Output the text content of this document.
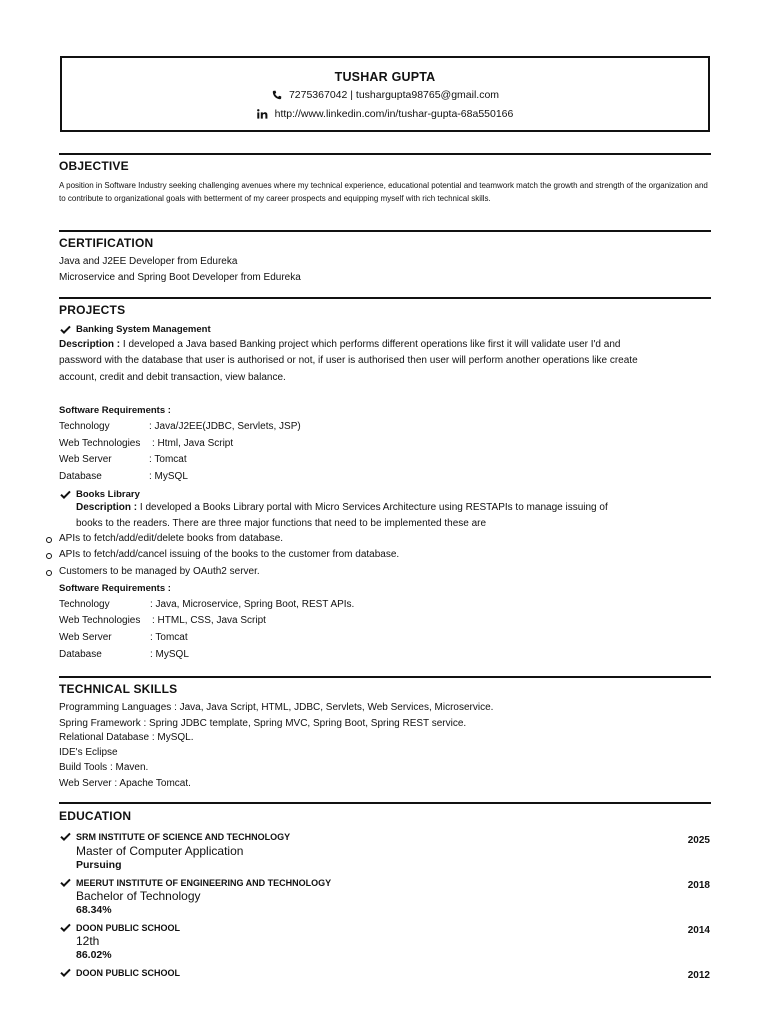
TUSHAR GUPTA
7275367042 | tushargupta98765@gmail.com
http://www.linkedin.com/in/tushar-gupta-68a550166
OBJECTIVE
A position in Software Industry seeking challenging avenues where my technical experience, educational potential and teamwork match the growth and strength of the organization and to contribute to organizational goals with betterment of my career prospects and equipping myself with rich technical skills.
CERTIFICATION
Java and J2EE Developer from Edureka
Microservice and Spring Boot Developer from Edureka
PROJECTS
Banking System Management
Description : I developed a Java based Banking project which performs different operations like first it will validate user I'd and
password with the database that user is authorised or not, if user is authorised then user will perform another operations like create
account, credit and debit transaction, view balance.
Software Requirements :
Technology	: Java/J2EE(JDBC, Servlets, JSP)
Web Technologies : Html, Java Script
Web Server	: Tomcat
Database	: MySQL
Books Library
Description : I developed a Books Library portal with Micro Services Architecture using RESTAPIs to manage issuing of
books to the readers. There are three major functions that need to be implemented these are
APIs to fetch/add/edit/delete books from database.
APIs to fetch/add/cancel issuing of the books to the customer from database.
Customers to be managed by OAuth2 server.
Software Requirements :
Technology	: Java, Microservice, Spring Boot, REST APIs.
Web Technologies : HTML, CSS, Java Script
Web Server	: Tomcat
Database	: MySQL
TECHNICAL SKILLS
Programming Languages : Java, Java Script, HTML, JDBC, Servlets, Web Services, Microservice.
Spring Framework : Spring JDBC template, Spring MVC, Spring Boot, Spring REST service.
Relational Database : MySQL.
IDE's Eclipse
Build Tools : Maven.
Web Server : Apache Tomcat.
EDUCATION
SRM INSTITUTE OF SCIENCE AND TECHNOLOGY	2025
Master of Computer Application
Pursuing
MEERUT INSTITUTE OF ENGINEERING AND TECHNOLOGY	2018
Bachelor of Technology
68.34%
DOON PUBLIC SCHOOL	2014
12th
86.02%
DOON PUBLIC SCHOOL	2012
